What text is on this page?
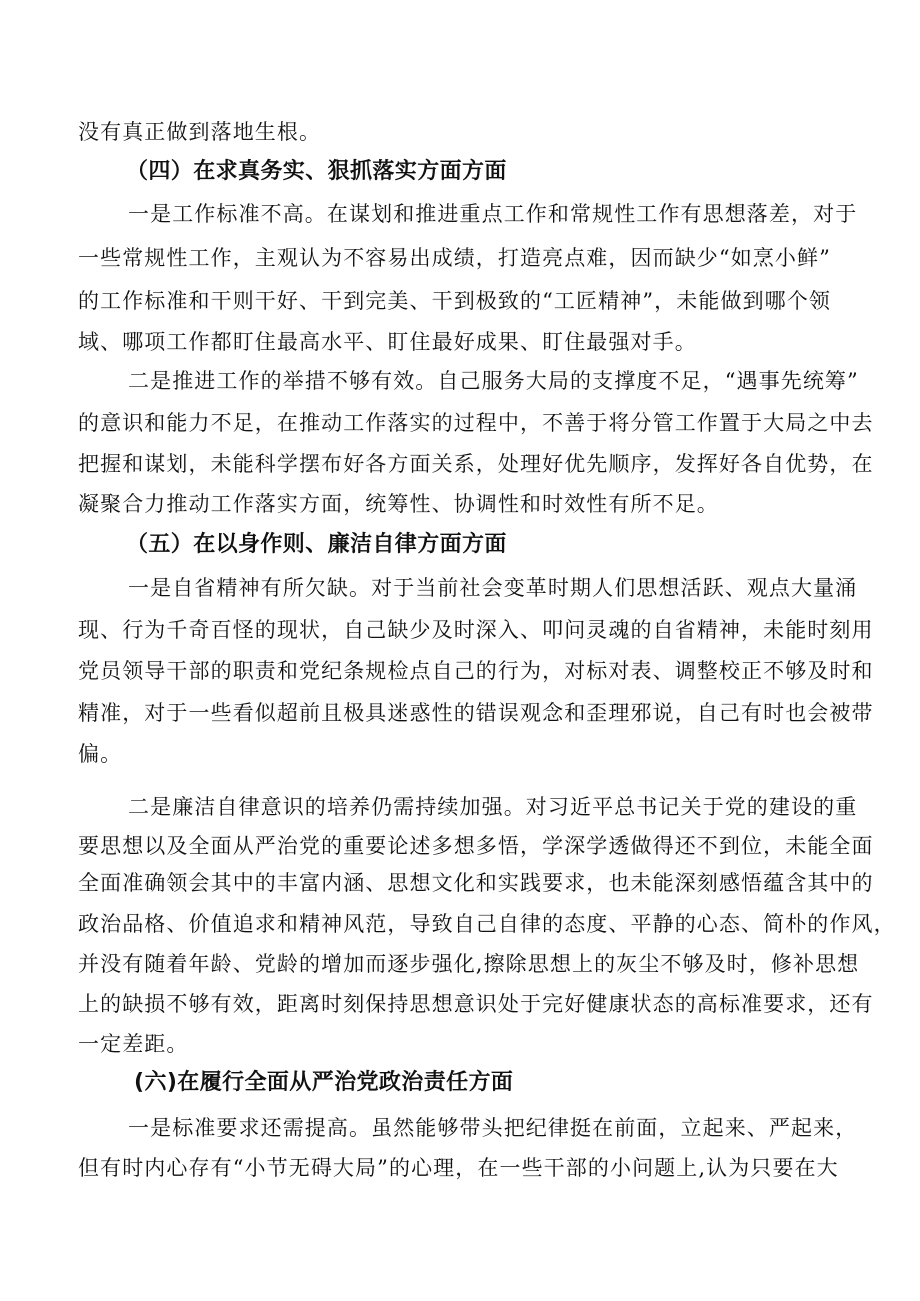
没有真正做到落地生根。
（四）在求真务实、狠抓落实方面方面
一是工作标准不高。在谋划和推进重点工作和常规性工作有思想落差，对于
一些常规性工作，主观认为不容易出成绩，打造亮点难，因而缺少“如烹小鲜”
的工作标准和干则干好、干到完美、干到极致的“工匠精神”，未能做到哪个领
域、哪项工作都盯住最高水平、盯住最好成果、盯住最强对手。
二是推进工作的举措不够有效。自己服务大局的支撑度不足，“遇事先统筹”
的意识和能力不足，在推动工作落实的过程中，不善于将分管工作置于大局之中去
把握和谋划，未能科学摆布好各方面关系，处理好优先顺序，发挥好各自优势，在
凝聚合力推动工作落实方面，统筹性、协调性和时效性有所不足。
（五）在以身作则、廉洁自律方面方面
一是自省精神有所欠缺。对于当前社会变革时期人们思想活跃、观点大量涌
现、行为千奇百怪的现状，自己缺少及时深入、叩问灵魂的自省精神，未能时刻用
党员领导干部的职责和党纪条规检点自己的行为，对标对表、调整校正不够及时和
精准，对于一些看似超前且极具迷惑性的错误观念和歪理邪说，自己有时也会被带
偏。
二是廉洁自律意识的培养仍需持续加强。对习近平总书记关于党的建设的重
要思想以及全面从严治党的重要论述多想多悟，学深学透做得还不到位，未能全面
全面准确领会其中的丰富内涵、思想文化和实践要求，也未能深刻感悟蕴含其中的
政治品格、价值追求和精神风范，导致自己自律的态度、平静的心态、简朴的作风，
并没有随着年龄、党龄的增加而逐步强化,擦除思想上的灰尘不够及时，修补思想
上的缺损不够有效，距离时刻保持思想意识处于完好健康状态的高标准要求，还有
一定差距。
(六)在履行全面从严治党政治责任方面
一是标准要求还需提高。虽然能够带头把纪律挺在前面，立起来、严起来，
但有时内心存有“小节无碍大局”的心理，在一些干部的小问题上,认为只要在大
